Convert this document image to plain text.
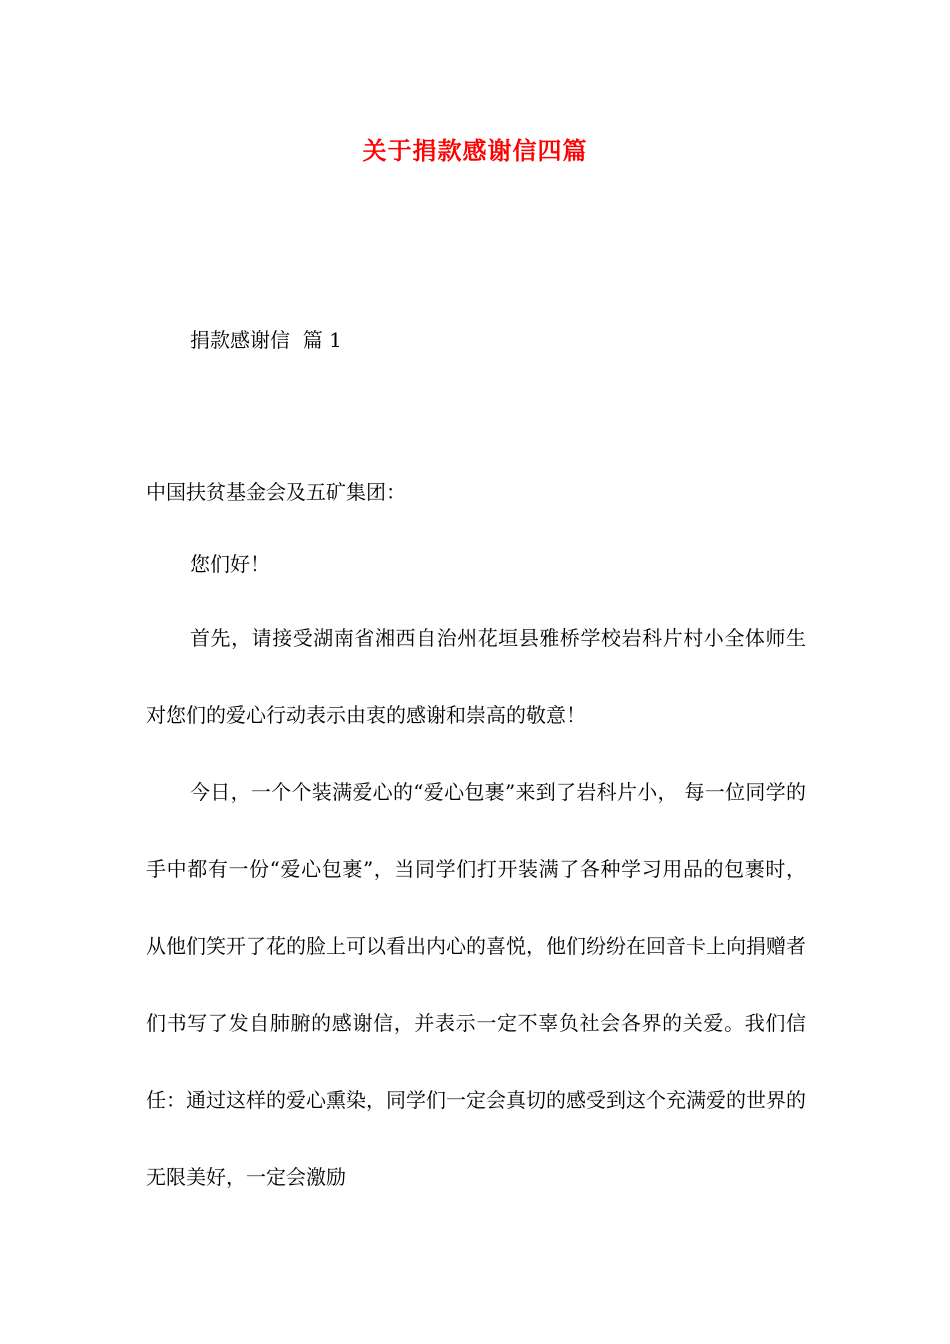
关于捐款感谢信四篇
捐款感谢信  篇 1
中国扶贫基金会及五矿集团：
您们好！

首先，请接受湖南省湘西自治州花垣县雅桥学校岩科片村小全体师生对您们的爱心行动表示由衷的感谢和崇高的敬意！

今日，一个个装满爱心的“爱心包裹”来到了岩科片小， 每一位同学的手中都有一份“爱心包裹”，当同学们打开装满了各种学习用品的包裹时，从他们笑开了花的脸上可以看出内心的喜悦，他们纷纷在回音卡上向捐赠者们书写了发自肺腑的感谢信，并表示一定不辜负社会各界的关爱。我们信任：通过这样的爱心熏染，同学们一定会真切的感受到这个充满爱的世界的无限美好，一定会激励
